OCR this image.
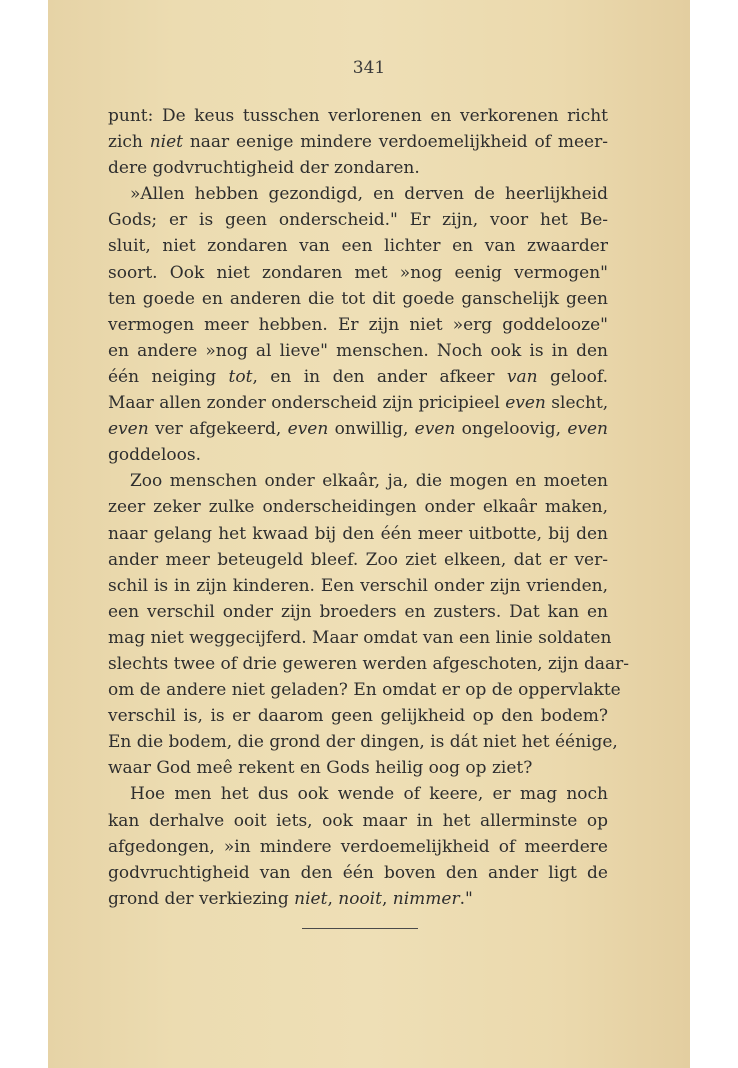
341
punt: De keus tusschen verlorenen en verkorenen richt
zich niet naar eenige mindere verdoemelijkheid of meer-
dere godvruchtigheid der zondaren.
»Allen hebben gezondigd, en derven de heerlijkheid
Gods; er is geen onderscheid." Er zijn, voor het Be-
sluit, niet zondaren van een lichter en van zwaarder
soort. Ook niet zondaren met »nog eenig vermogen"
ten goede en anderen die tot dit goede ganschelijk geen
vermogen meer hebben. Er zijn niet »erg goddelooze"
en andere »nog al lieve" menschen. Noch ook is in den
één neiging tot, en in den ander afkeer van geloof.
Maar allen zonder onderscheid zijn pricipieel even slecht,
even ver afgekeerd, even onwillig, even ongeloovig, even
goddeloos.
Zoo menschen onder elkaâr, ja, die mogen en moeten
zeer zeker zulke onderscheidingen onder elkaâr maken,
naar gelang het kwaad bij den één meer uitbotte, bij den
ander meer beteugeld bleef. Zoo ziet elkeen, dat er ver-
schil is in zijn kinderen. Een verschil onder zijn vrienden,
een verschil onder zijn broeders en zusters. Dat kan en
mag niet weggecijferd. Maar omdat van een linie soldaten
slechts twee of drie geweren werden afgeschoten, zijn daar-
om de andere niet geladen? En omdat er op de oppervlakte
verschil is, is er daarom geen gelijkheid op den bodem?
En die bodem, die grond der dingen, is dát niet het éénige,
waar God meê rekent en Gods heilig oog op ziet?
Hoe men het dus ook wende of keere, er mag noch
kan derhalve ooit iets, ook maar in het allerminste op
afgedongen, »in mindere verdoemelijkheid of meerdere
godvruchtigheid van den één boven den ander ligt de
grond der verkiezing niet, nooit, nimmer."
